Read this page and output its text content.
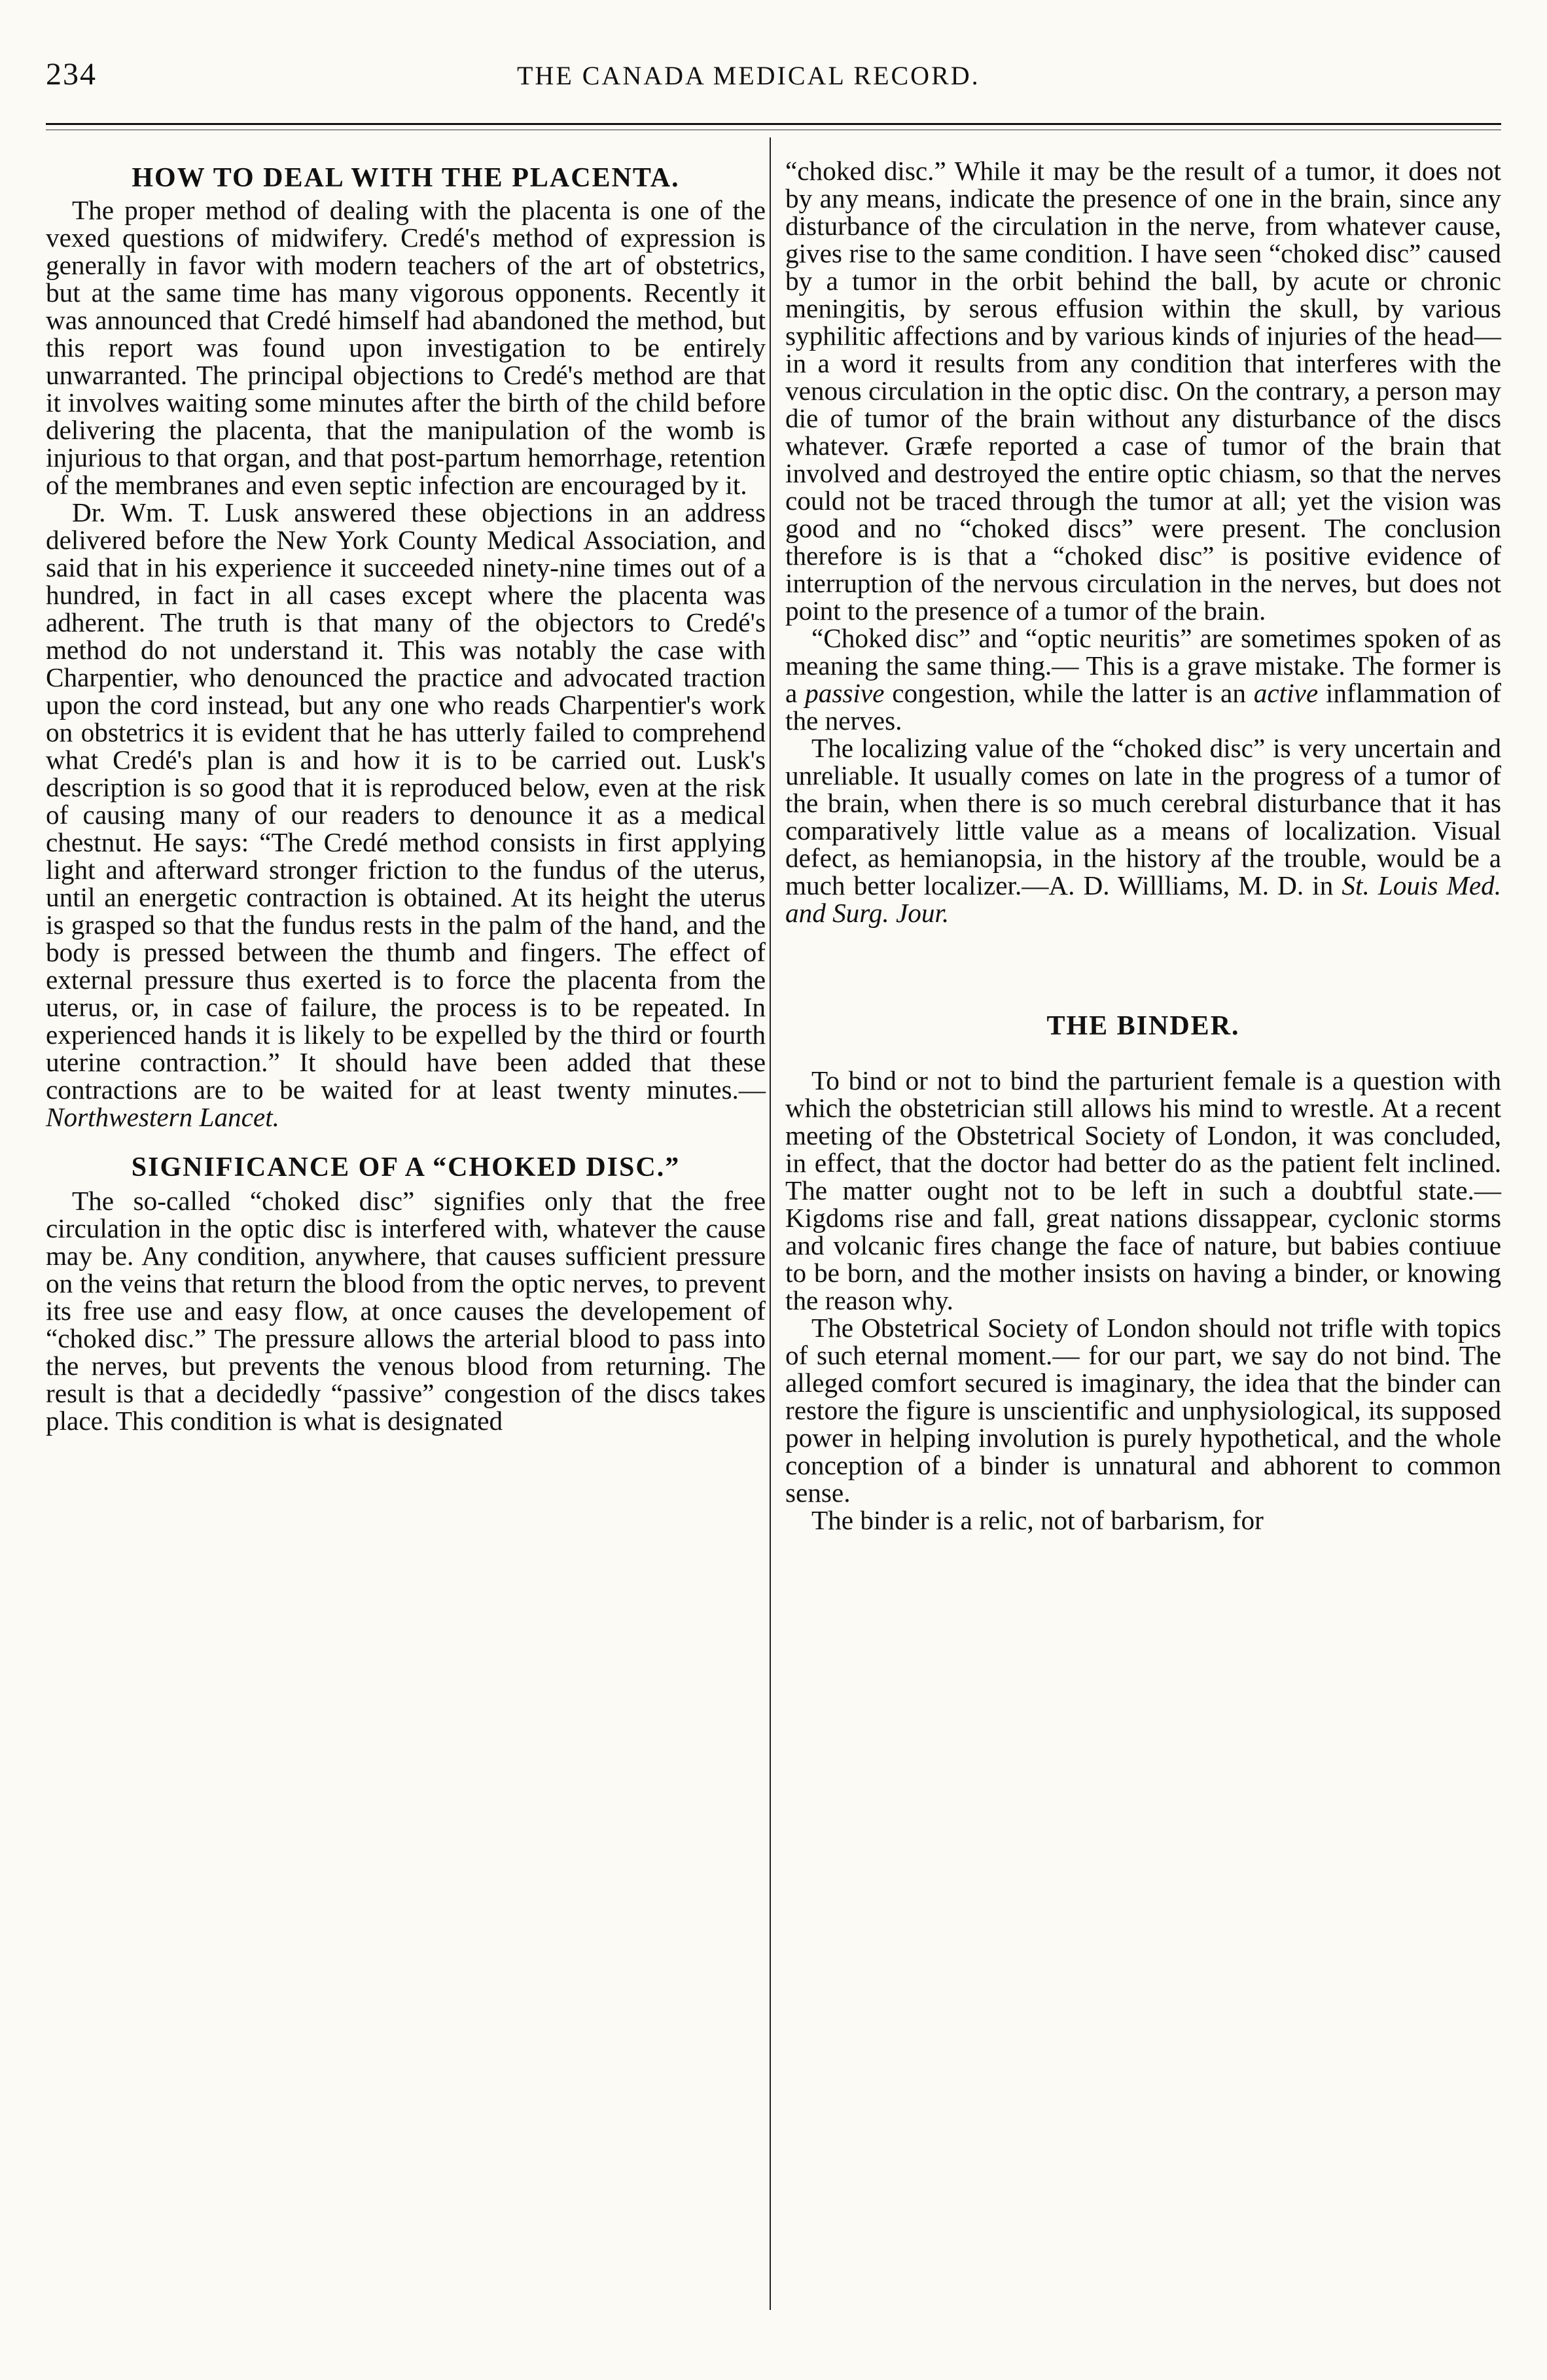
234	THE CANADA MEDICAL RECORD.
HOW TO DEAL WITH THE PLACENTA.

The proper method of dealing with the placenta is one of the vexed questions of midwifery. Credé's method of expression is generally in favor with modern teachers of the art of obstetrics, but at the same time has many vigorous opponents. Recently it was announced that Credé himself had abandoned the method, but this report was found upon investigation to be entirely unwarranted. The principal objections to Credé's method are that it involves waiting some minutes after the birth of the child before delivering the placenta, that the manipulation of the womb is injurious to that organ, and that post-partum hemorrhage, retention of the membranes and even septic infection are encouraged by it.

Dr. Wm. T. Lusk answered these objections in an address delivered before the New York County Medical Association, and said that in his experience it succeeded ninety-nine times out of a hundred, in fact in all cases except where the placenta was adherent. The truth is that many of the objectors to Credé's method do not understand it. This was notably the case with Charpentier, who denounced the practice and advocated traction upon the cord instead, but any one who reads Charpentier's work on obstetrics it is evident that he has utterly failed to comprehend what Credé's plan is and how it is to be carried out. Lusk's description is so good that it is reproduced below, even at the risk of causing many of our readers to denounce it as a medical chestnut. He says: “The Credé method consists in first applying light and afterward stronger friction to the fundus of the uterus, until an energetic contraction is obtained. At its height the uterus is grasped so that the fundus rests in the palm of the hand, and the body is pressed between the thumb and fingers. The effect of external pressure thus exerted is to force the placenta from the uterus, or, in case of failure, the process is to be repeated. In experienced hands it is likely to be expelled by the third or fourth uterine contraction.” It should have been added that these contractions are to be waited for at least twenty minutes.—Northwestern Lancet.

SIGNIFICANCE OF A “CHOKED DISC.”

The so-called “choked disc” signifies only that the free circulation in the optic disc is interfered with, whatever the cause may be. Any condition, anywhere, that causes sufficient pressure on the veins that return the blood from the optic nerves, to prevent its free use and easy flow, at once causes the developement of “choked disc.” The pressure allows the arterial blood to pass into the nerves, but prevents the venous blood from returning. The result is that a decidedly “passive” congestion of the discs takes place. This condition is what is designated

“choked disc.” While it may be the result of a tumor, it does not by any means, indicate the presence of one in the brain, since any disturbance of the circulation in the nerve, from whatever cause, gives rise to the same condition. I have seen “choked disc” caused by a tumor in the orbit behind the ball, by acute or chronic meningitis, by serous effusion within the skull, by various syphilitic affections and by various kinds of injuries of the head—in a word it results from any condition that interferes with the venous circulation in the optic disc. On the contrary, a person may die of tumor of the brain without any disturbance of the discs whatever. Græfe reported a case of tumor of the brain that involved and destroyed the entire optic chiasm, so that the nerves could not be traced through the tumor at all; yet the vision was good and no “choked discs” were present. The conclusion therefore is is that a “choked disc” is positive evidence of interruption of the nervous circulation in the nerves, but does not point to the presence of a tumor of the brain.

“Choked disc” and “optic neuritis” are sometimes spoken of as meaning the same thing.— This is a grave mistake. The former is a passive congestion, while the latter is an active inflammation of the nerves.

The localizing value of the “choked disc” is very uncertain and unreliable. It usually comes on late in the progress of a tumor of the brain, when there is so much cerebral disturbance that it has comparatively little value as a means of localization. Visual defect, as hemianopsia, in the history af the trouble, would be a much better localizer.—A. D. Willliams, M. D. in St. Louis Med. and Surg. Jour.

THE BINDER.

To bind or not to bind the parturient female is a question with which the obstetrician still allows his mind to wrestle. At a recent meeting of the Obstetrical Society of London, it was concluded, in effect, that the doctor had better do as the patient felt inclined. The matter ought not to be left in such a doubtful state.— Kigdoms rise and fall, great nations dissappear, cyclonic storms and volcanic fires change the face of nature, but babies contiuue to be born, and the mother insists on having a binder, or knowing the reason why.

The Obstetrical Society of London should not trifle with topics of such eternal moment.— for our part, we say do not bind. The alleged comfort secured is imaginary, the idea that the binder can restore the figure is unscientific and unphysiological, its supposed power in helping involution is purely hypothetical, and the whole conception of a binder is unnatural and abhorent to common sense.

The binder is a relic, not of barbarism, for
